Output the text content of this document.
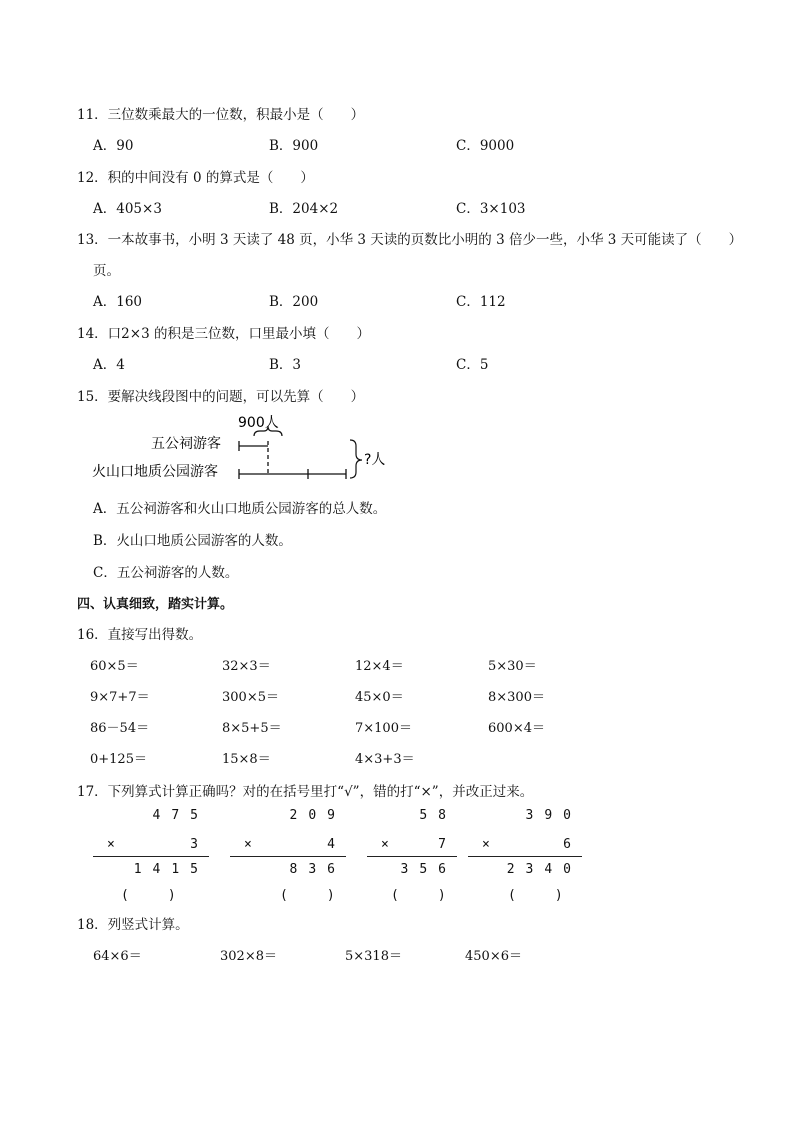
11．三位数乘最大的一位数，积最小是（　　）
A．90	B．900	C．9000
12．积的中间没有 0 的算式是（　　）
A．405×3	B．204×2	C．3×103
13．一本故事书，小明 3 天读了 48 页，小华 3 天读的页数比小明的 3 倍少一些，小华 3 天可能读了（　　）
页。
A．160	B．200	C．112
14．口2×3 的积是三位数，口里最小填（　　）
A．4	B．3	C．5
15．要解决线段图中的问题，可以先算（　　）
900人
五公祠游客
火山口地质公园游客
?人
A．五公祠游客和火山口地质公园游客的总人数。
B．火山口地质公园游客的人数。
C．五公祠游客的人数。
四、认真细致，踏实计算。
16．直接写出得数。
60×5＝	32×3＝	12×4＝	5×30＝
9×7+7＝	300×5＝	45×0＝	8×300＝
86－54＝	8×5+5＝	7×100＝	600×4＝
0+125＝	15×8＝	4×3+3＝
17．下列算式计算正确吗？对的在括号里打“√”，错的打“×”，并改正过来。
475
×	3
1415
(　　　)
209
×	4
836
(　　　)
58
×	7
356
(　　　)
390
×	6
2340
(　　　)
18．列竖式计算。
64×6＝	302×8＝	5×318＝	450×6＝
